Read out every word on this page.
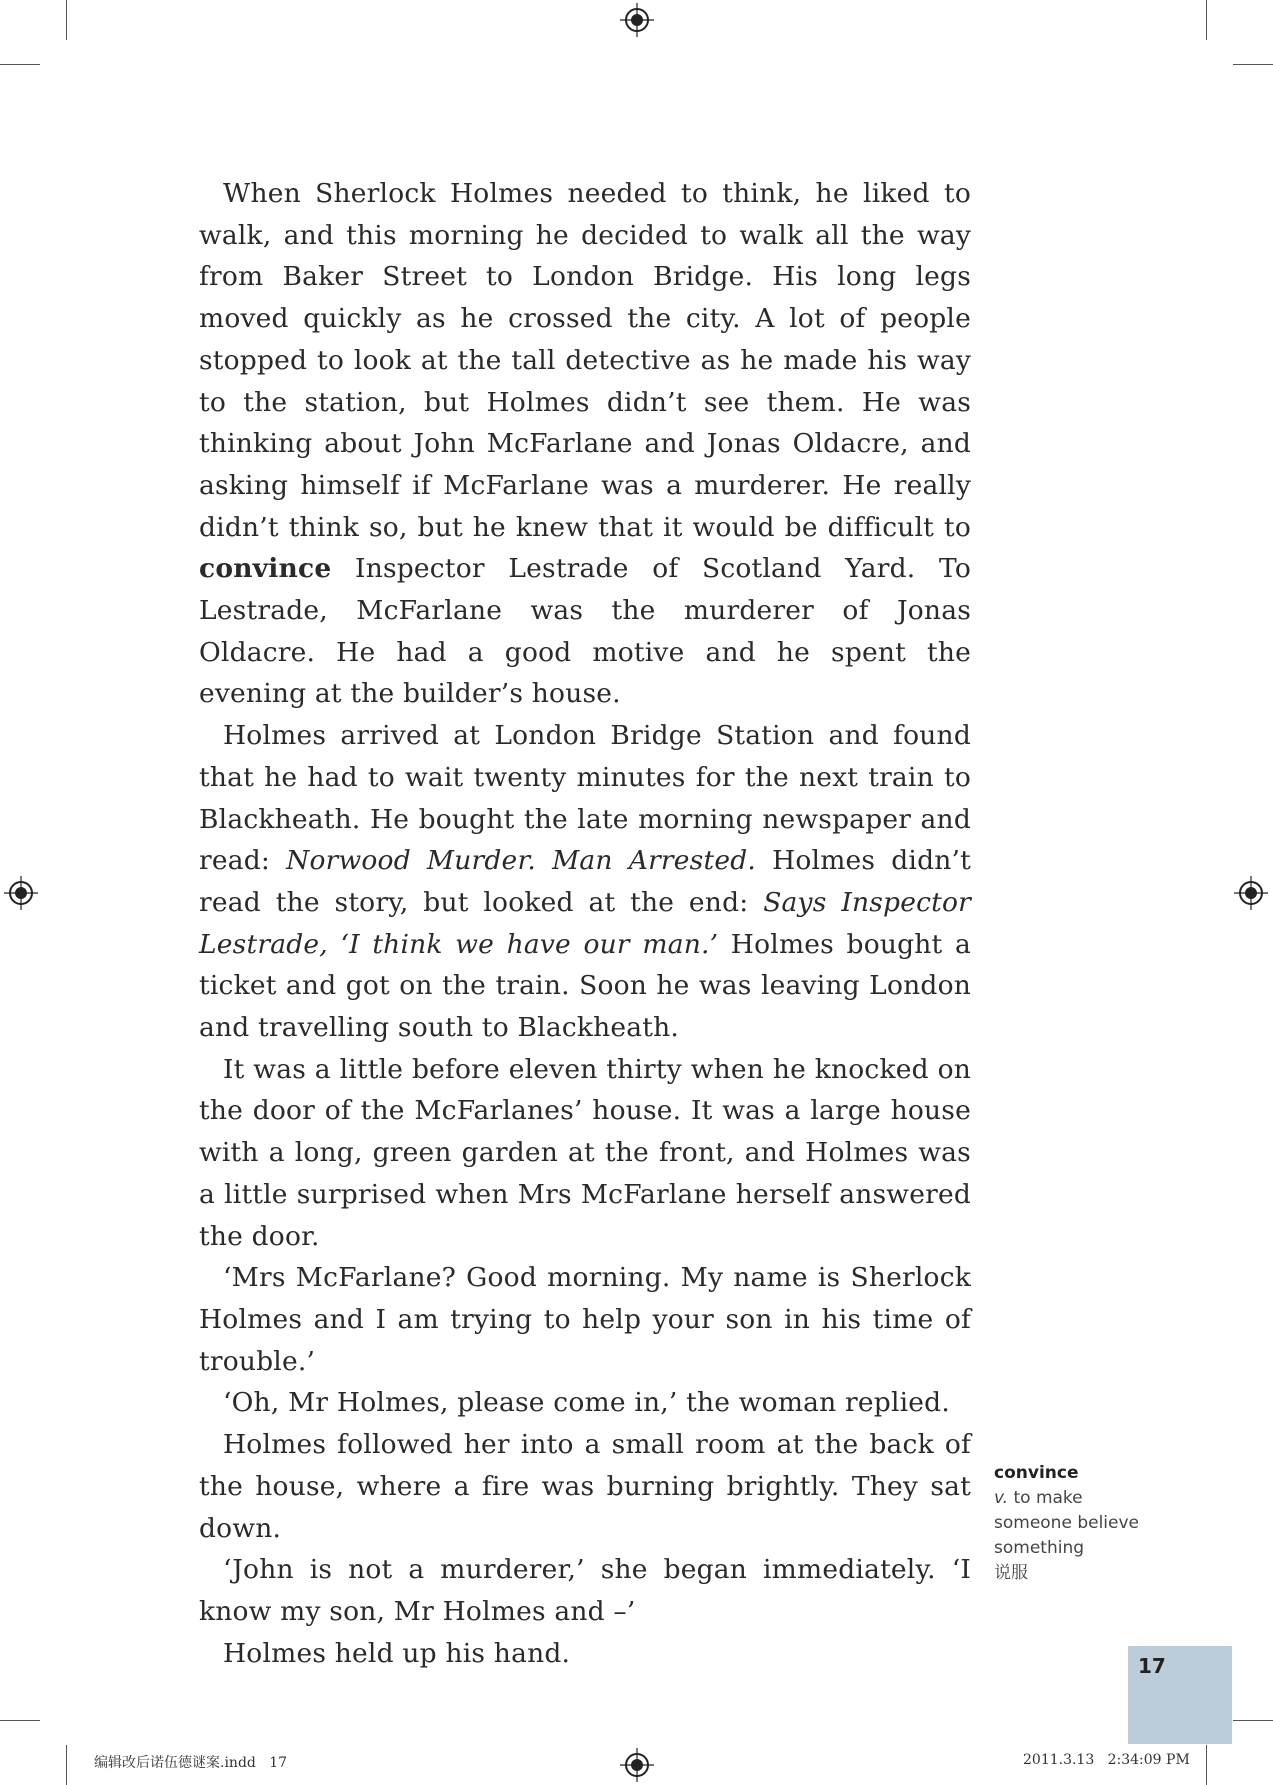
When Sherlock Holmes needed to think, he liked to walk, and this morning he decided to walk all the way from Baker Street to London Bridge. His long legs moved quickly as he crossed the city. A lot of people stopped to look at the tall detective as he made his way to the station, but Holmes didn’t see them. He was thinking about John McFarlane and Jonas Oldacre, and asking himself if McFarlane was a murderer. He really didn’t think so, but he knew that it would be difficult to convince Inspector Lestrade of Scotland Yard. To Lestrade, McFarlane was the murderer of Jonas Oldacre. He had a good motive and he spent the evening at the builder’s house.

Holmes arrived at London Bridge Station and found that he had to wait twenty minutes for the next train to Blackheath. He bought the late morning newspaper and read: Norwood Murder. Man Arrested. Holmes didn’t read the story, but looked at the end: Says Inspector Lestrade, ‘I think we have our man.’ Holmes bought a ticket and got on the train. Soon he was leaving London and travelling south to Blackheath.

It was a little before eleven thirty when he knocked on the door of the McFarlanes’ house. It was a large house with a long, green garden at the front, and Holmes was a little surprised when Mrs McFarlane herself answered the door.

‘Mrs McFarlane? Good morning. My name is Sherlock Holmes and I am trying to help your son in his time of trouble.’

‘Oh, Mr Holmes, please come in,’ the woman replied.

Holmes followed her into a small room at the back of the house, where a fire was burning brightly. They sat down.

‘John is not a murderer,’ she began immediately. ‘I know my son, Mr Holmes and –’

Holmes held up his hand.

convince
v. to make
someone believe
something
说服
17
编辑改后诺伍德谜案.indd   17	2011.3.13   2:34:09 PM
